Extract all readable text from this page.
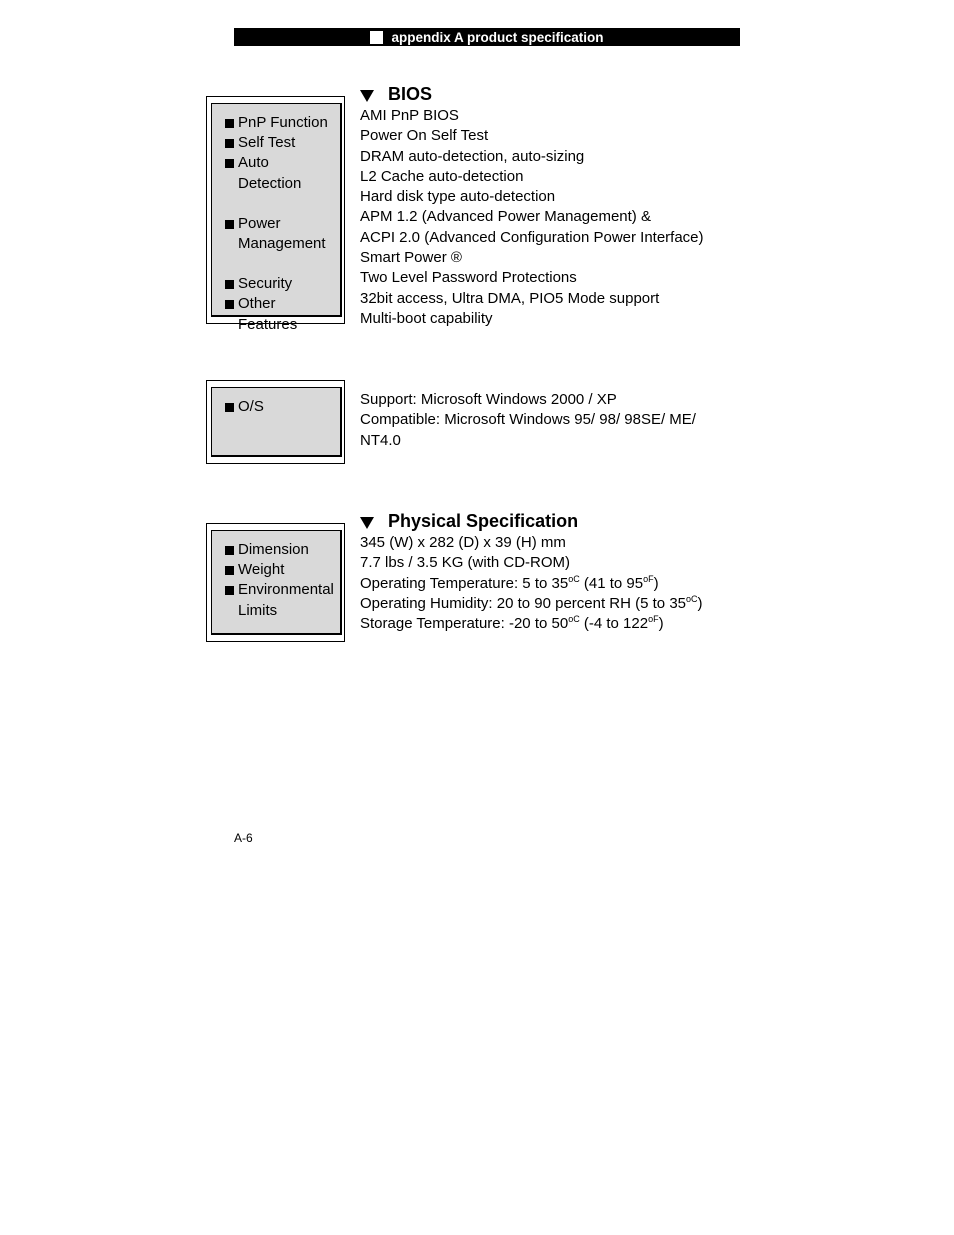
appendix A product specification
PnP Function
Self Test
Auto Detection
Power Management
Security
Other Features
BIOS
AMI PnP BIOS
Power On Self Test
DRAM auto-detection, auto-sizing
L2 Cache auto-detection
Hard disk type auto-detection
APM 1.2 (Advanced Power Management) &
ACPI 2.0 (Advanced Configuration Power Interface)
Smart Power ®
Two Level Password Protections
32bit access, Ultra DMA, PIO5 Mode support
Multi-boot capability
O/S	Support: Microsoft Windows 2000 / XP
Compatible: Microsoft Windows 95/ 98/ 98SE/ ME/
NT4.0
Dimension
Weight
Environmental Limits
Physical Specification
345 (W) x 282 (D) x 39 (H) mm
7.7 lbs / 3.5 KG (with CD-ROM)
Operating Temperature: 5 to $35^{oC}$ (41 to $95^{oF}$)
Operating Humidity: 20 to 90 percent RH (5 to $35^{oC}$)
Storage Temperature: -20 to $50^{oC}$ (-4 to $122^{oF}$)
A-6
